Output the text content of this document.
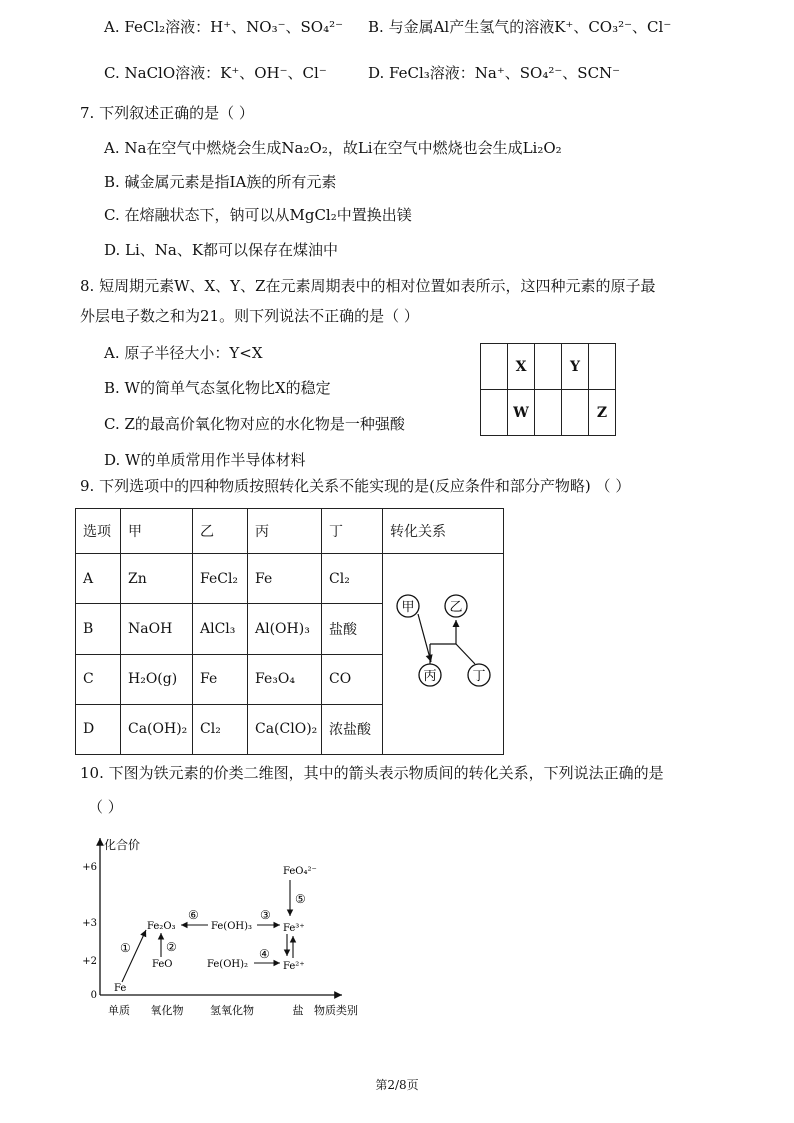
A. FeCl₂溶液：H⁺、NO₃⁻、SO₄²⁻ B. 与金属Al产生氢气的溶液K⁺、CO₃²⁻、Cl⁻
C. NaClO溶液：K⁺、OH⁻、Cl⁻	D. FeCl₃溶液：Na⁺、SO₄²⁻、SCN⁻
7. 下列叙述正确的是（ ）
A. Na在空气中燃烧会生成Na₂O₂，故Li在空气中燃烧也会生成Li₂O₂
B. 碱金属元素是指IA族的所有元素
C. 在熔融状态下，钠可以从MgCl₂中置换出镁
D. Li、Na、K都可以保存在煤油中
8. 短周期元素W、X、Y、Z在元素周期表中的相对位置如表所示，这四种元素的原子最
外层电子数之和为21。则下列说法不正确的是（ ）
A. 原子半径大小：Y<X
B. W的简单气态氢化物比X的稳定
C. Z的最高价氧化物对应的水化物是一种强酸
D. W的单质常用作半导体材料
	X		Y	
	W			Z
9. 下列选项中的四种物质按照转化关系不能实现的是(反应条件和部分产物略) （ ）
选项	甲	乙	丙	丁	转化关系
A	Zn	FeCl₂	Fe	Cl₂	甲 乙
丙 丁

B	NaOH	AlCl₃	Al(OH)₃	盐酸	
C	H₂O(g)	Fe	Fe₃O₄	CO	
D	Ca(OH)₂	Cl₂	Ca(ClO)₂	浓盐酸	
10. 下图为铁元素的价类二维图，其中的箭头表示物质间的转化关系，下列说法正确的是
（ ）
化合价
物质类别
+6
+3
+2
0
单质 氧化物 氢氧化物	盐
Fe
Fe₂O₃
FeO
Fe(OH)₃
Fe(OH)₂
Fe³⁺
Fe²⁺
FeO₄²⁻
①	②
⑥	③
④
⑤
第2/8页
